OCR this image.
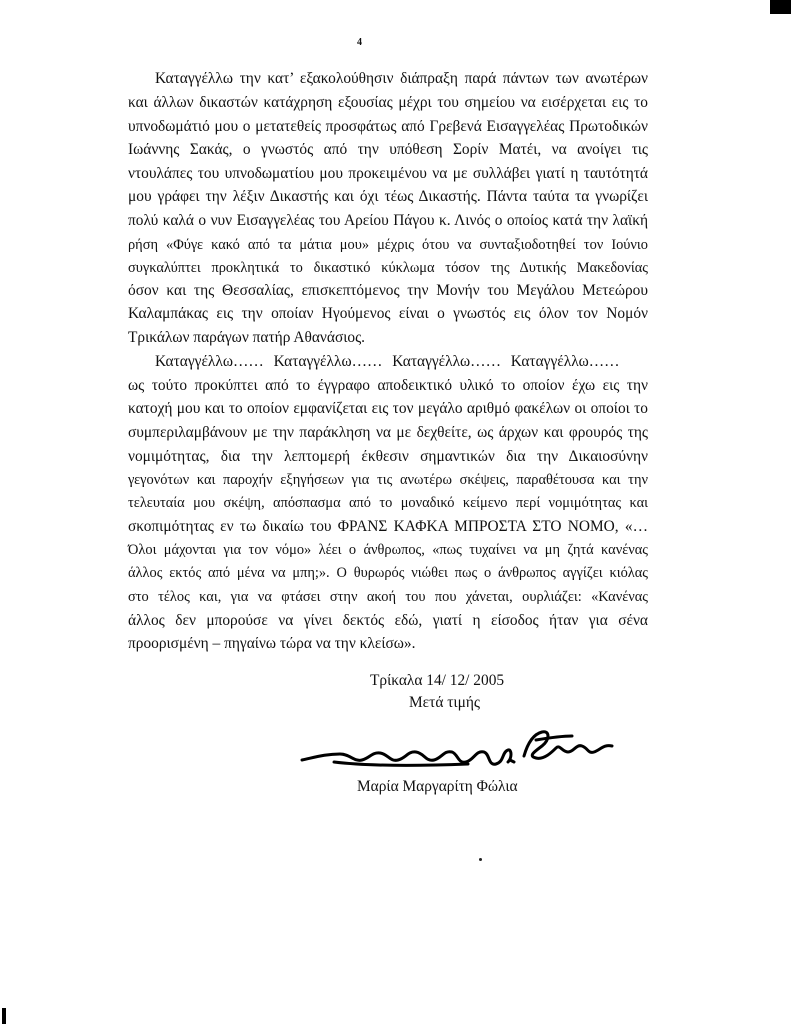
4
Καταγγέλλω την κατ’ εξακολούθησιν διάπραξη παρά πάντων των ανωτέρων
και άλλων δικαστών κατάχρηση εξουσίας μέχρι του σημείου να εισέρχεται εις το
υπνοδωμάτιό μου ο μετατεθείς προσφάτως από Γρεβενά Εισαγγελέας Πρωτοδικών
Ιωάννης Σακάς, ο γνωστός από την υπόθεση Σορίν Ματέι, να ανοίγει τις
ντουλάπες του υπνοδωματίου μου προκειμένου να με συλλάβει γιατί η ταυτότητά
μου γράφει την λέξιν Δικαστής και όχι τέως Δικαστής. Πάντα ταύτα τα γνωρίζει
πολύ καλά ο νυν Εισαγγελέας του Αρείου Πάγου κ. Λινός ο οποίος κατά την λαϊκή
ρήση «Φύγε κακό από τα μάτια μου» μέχρις ότου να συνταξιοδοτηθεί τον Ιούνιο
συγκαλύπτει προκλητικά το δικαστικό κύκλωμα τόσον της Δυτικής Μακεδονίας
όσον και της Θεσσαλίας, επισκεπτόμενος την Μονήν του Μεγάλου Μετεώρου
Καλαμπάκας εις την οποίαν Ηγούμενος είναι ο γνωστός εις όλον τον Νομόν
Τρικάλων παράγων πατήρ Αθανάσιος.
Καταγγέλλω…… Καταγγέλλω…… Καταγγέλλω…… Καταγγέλλω……
ως τούτο προκύπτει από το έγγραφο αποδεικτικό υλικό το οποίον έχω εις την
κατοχή μου και το οποίον εμφανίζεται εις τον μεγάλο αριθμό φακέλων οι οποίοι το
συμπεριλαμβάνουν με την παράκληση να με δεχθείτε, ως άρχων και φρουρός της
νομιμότητας, δια την λεπτομερή έκθεσιν σημαντικών δια την Δικαιοσύνην
γεγονότων και παροχήν εξηγήσεων για τις ανωτέρω σκέψεις, παραθέτουσα και την
τελευταία μου σκέψη, απόσπασμα από το μοναδικό κείμενο περί νομιμότητας και
σκοπιμότητας εν τω δικαίω του ΦΡΑΝΣ ΚΑΦΚΑ ΜΠΡΟΣΤΑ ΣΤΟ ΝΟΜΟ, «…
Όλοι μάχονται για τον νόμο» λέει ο άνθρωπος, «πως τυχαίνει να μη ζητά κανένας
άλλος εκτός από μένα να μπη;». Ο θυρωρός νιώθει πως ο άνθρωπος αγγίζει κιόλας
στο τέλος και, για να φτάσει στην ακοή του που χάνεται, ουρλιάζει: «Κανένας
άλλος δεν μπορούσε να γίνει δεκτός εδώ, γιατί η είσοδος ήταν για σένα
προορισμένη – πηγαίνω τώρα να την κλείσω».
Τρίκαλα 14/ 12/ 2005
Μετά τιμής
Μαρία Μαργαρίτη Φώλια
